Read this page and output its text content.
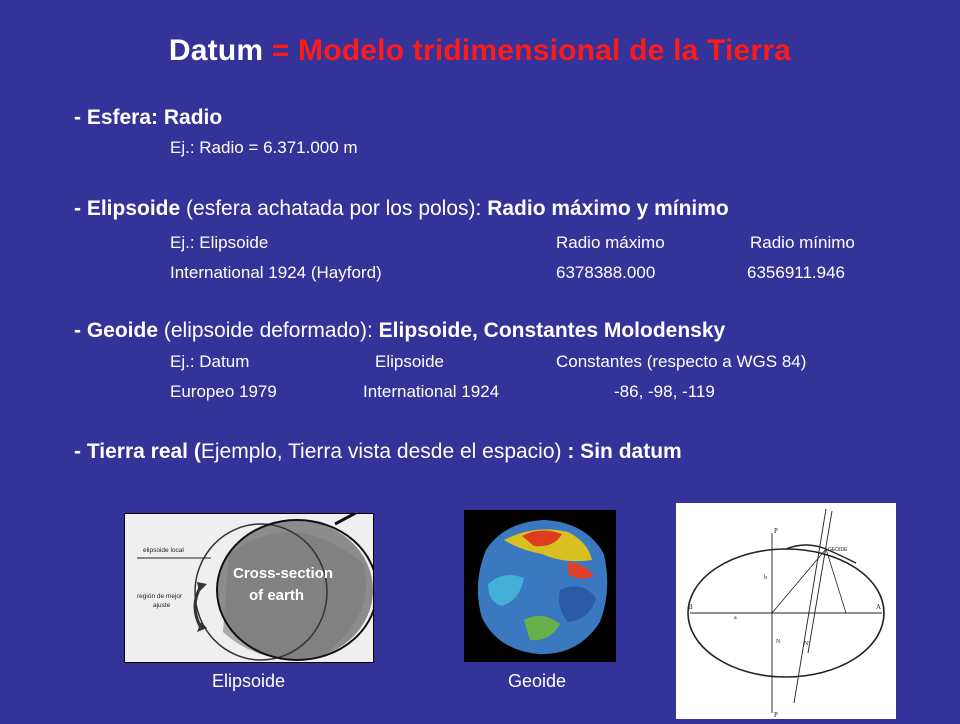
Datum = Modelo tridimensional de la Tierra
- Esfera: Radio
Ej.: Radio = 6.371.000 m
- Elipsoide (esfera achatada por los polos): Radio máximo y mínimo
Ej.: Elipsoide	Radio máximo	Radio mínimo
International 1924 (Hayford)	6378388.000	6356911.946
- Geoide (elipsoide deformado): Elipsoide, Constantes Molodensky
Ej.: Datum	Elipsoide	Constantes (respecto a WGS 84)
Europeo 1979	International 1924	-86, -98, -119
- Tierra real (Ejemplo, Tierra vista desde el espacio) : Sin datum
Cross-section
of earth
elipsoide local
región de mejor
ajuste
GEOIDE
B	A
P
P
N	N'
a
b
Elipsoide	Geoide
